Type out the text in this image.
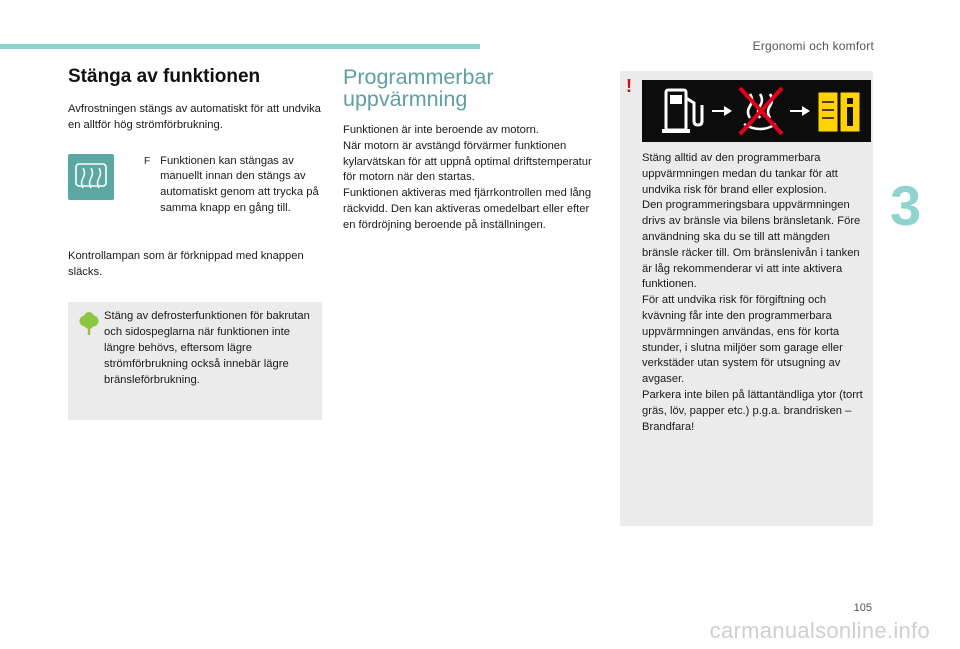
Ergonomi och komfort
3
Stänga av funktionen

Avfrostningen stängs av automatiskt för att undvika en alltför hög strömförbrukning.

F Funktionen kan stängas av manuellt innan den stängs av automatiskt genom att trycka på samma knapp en gång till.

Kontrollampan som är förknippad med knappen släcks.

Stäng av defrosterfunktionen för bakrutan och sidospeglarna när funktionen inte längre behövs, eftersom lägre strömförbrukning också innebär lägre bränsleförbrukning.
Programmerbar
uppvärmning

Funktionen är inte beroende av motorn.
När motorn är avstängd förvärmer funktionen kylarvätskan för att uppnå optimal driftstemperatur för motorn när den startas.
Funktionen aktiveras med fjärrkontrollen med lång räckvidd. Den kan aktiveras omedelbart eller efter en fördröjning beroende på inställningen.

!
Stäng alltid av den programmerbara uppvärmningen medan du tankar för att undvika risk för brand eller explosion.
Den programmeringsbara uppvärmningen drivs av bränsle via bilens bränsletank. Före användning ska du se till att mängden bränsle räcker till. Om bränslenivån i tanken är låg rekommenderar vi att inte aktivera funktionen.
För att undvika risk för förgiftning och kvävning får inte den programmerbara uppvärmningen användas, ens för korta stunder, i slutna miljöer som garage eller verkstäder utan system för utsugning av avgaser.
Parkera inte bilen på lättantändliga ytor (torrt gräs, löv, papper etc.) p.g.a. brandrisken – Brandfara!
105
carmanualsonline.info
